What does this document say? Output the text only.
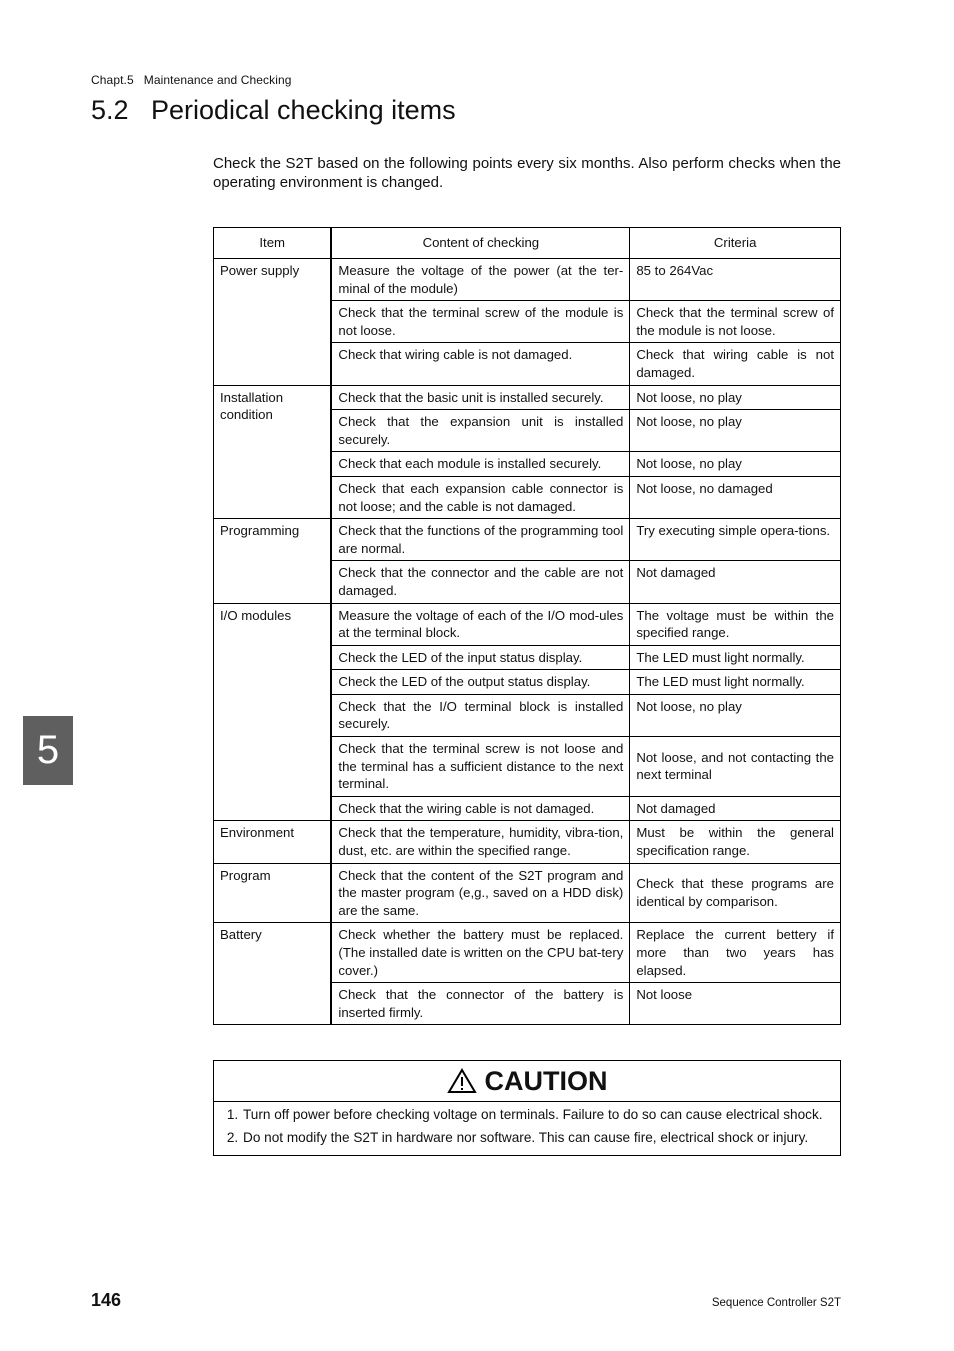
Chapt.5 Maintenance and Checking
5.2 Periodical checking items

Check the S2T based on the following points every six months. Also perform checks when the operating environment is changed.

Item	Content of checking	Criteria
Power supply	Measure the voltage of the power (at the ter-minal of the module)	85 to 264Vac
	Check that the terminal screw of the module is not loose.	Check that the terminal screw of the module is not loose.
	Check that wiring cable is not damaged.	Check that wiring cable is not damaged.
Installation condition	Check that the basic unit is installed securely.	Not loose, no play
	Check that the expansion unit is installed securely.	Not loose, no play
	Check that each module is installed securely.	Not loose, no play
	Check that each expansion cable connector is not loose; and the cable is not damaged.	Not loose, no damaged
Programming	Check that the functions of the programming tool are normal.	Try executing simple opera-tions.
	Check that the connector and the cable are not damaged.	Not damaged
I/O modules	Measure the voltage of each of the I/O mod-ules at the terminal block.	The voltage must be within the specified range.
	Check the LED of the input status display.	The LED must light normally.
	Check the LED of the output status display.	The LED must light normally.
	Check that the I/O terminal block is installed securely.	Not loose, no play
	Check that the terminal screw is not loose and the terminal has a sufficient distance to the next terminal.	Not loose, and not contacting the next terminal
	Check that the wiring cable is not damaged.	Not damaged
Environment	Check that the temperature, humidity, vibra-tion, dust, etc. are within the specified range.	Must be within the general specification range.
Program	Check that the content of the S2T program and the master program (e,g., saved on a HDD disk) are the same.	Check that these programs are identical by comparison.
Battery	Check whether the battery must be replaced. (The installed date is written on the CPU bat-tery cover.)	Replace the current bettery if more than two years has elapsed.
	Check that the connector of the battery is inserted firmly.	Not loose
5
CAUTION
1. Turn off power before checking voltage on terminals. Failure to do so can cause electrical shock.
2. Do not modify the S2T in hardware nor software. This can cause fire, electrical shock or injury.
146	Sequence Controller S2T
